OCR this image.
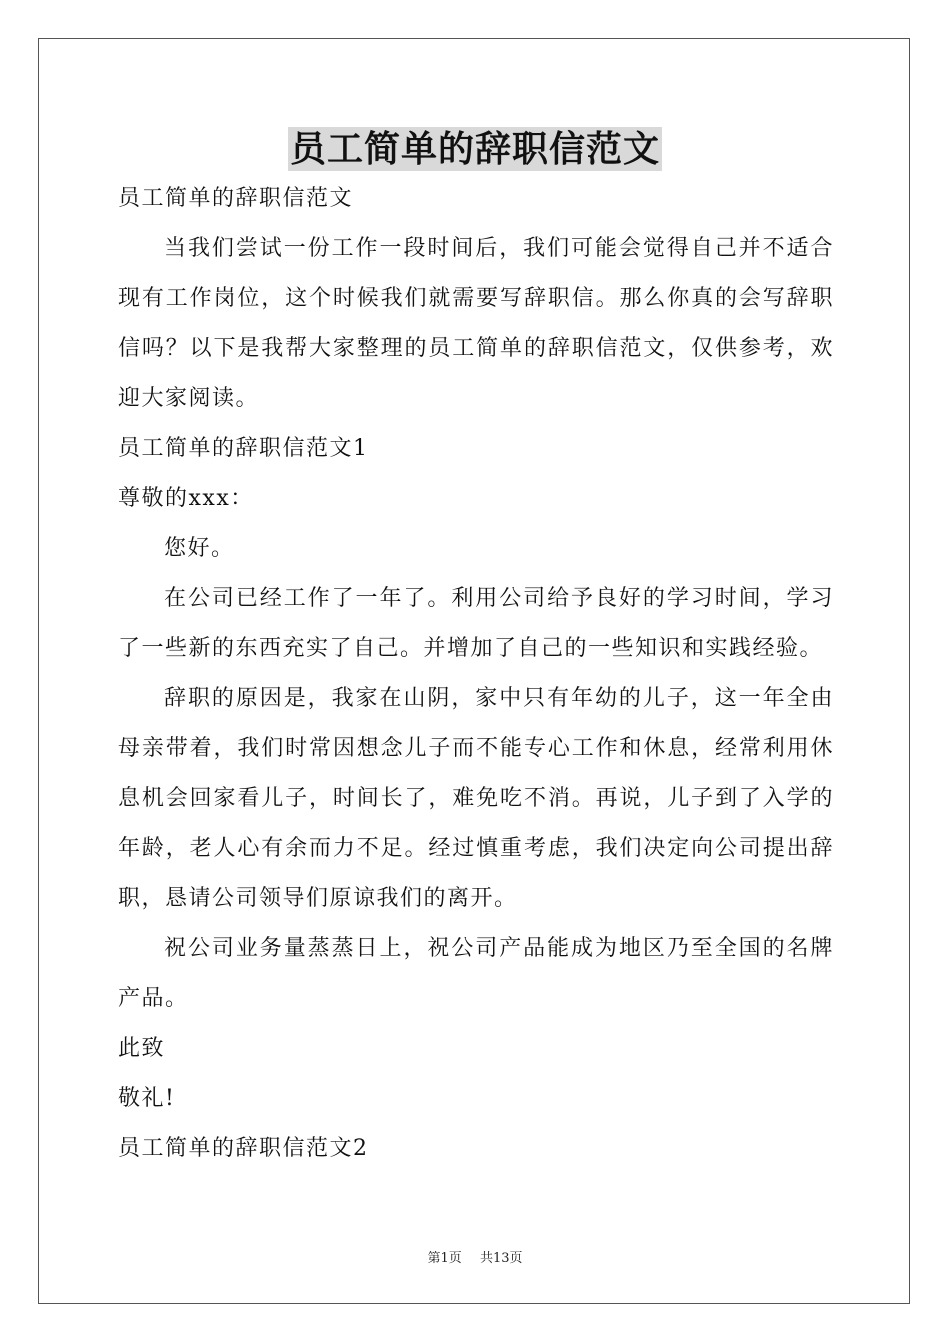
员工简单的辞职信范文

员工简单的辞职信范文

当我们尝试一份工作一段时间后，我们可能会觉得自己并不适合现有工作岗位，这个时候我们就需要写辞职信。那么你真的会写辞职信吗？以下是我帮大家整理的员工简单的辞职信范文，仅供参考，欢迎大家阅读。

员工简单的辞职信范文1

尊敬的xxx：

您好。

在公司已经工作了一年了。利用公司给予良好的学习时间，学习了一些新的东西充实了自己。并增加了自己的一些知识和实践经验。

辞职的原因是，我家在山阴，家中只有年幼的儿子，这一年全由母亲带着，我们时常因想念儿子而不能专心工作和休息，经常利用休息机会回家看儿子，时间长了，难免吃不消。再说，儿子到了入学的年龄，老人心有余而力不足。经过慎重考虑，我们决定向公司提出辞职，恳请公司领导们原谅我们的离开。

祝公司业务量蒸蒸日上，祝公司产品能成为地区乃至全国的名牌产品。

此致

敬礼!

员工简单的辞职信范文2

第1页 共13页
